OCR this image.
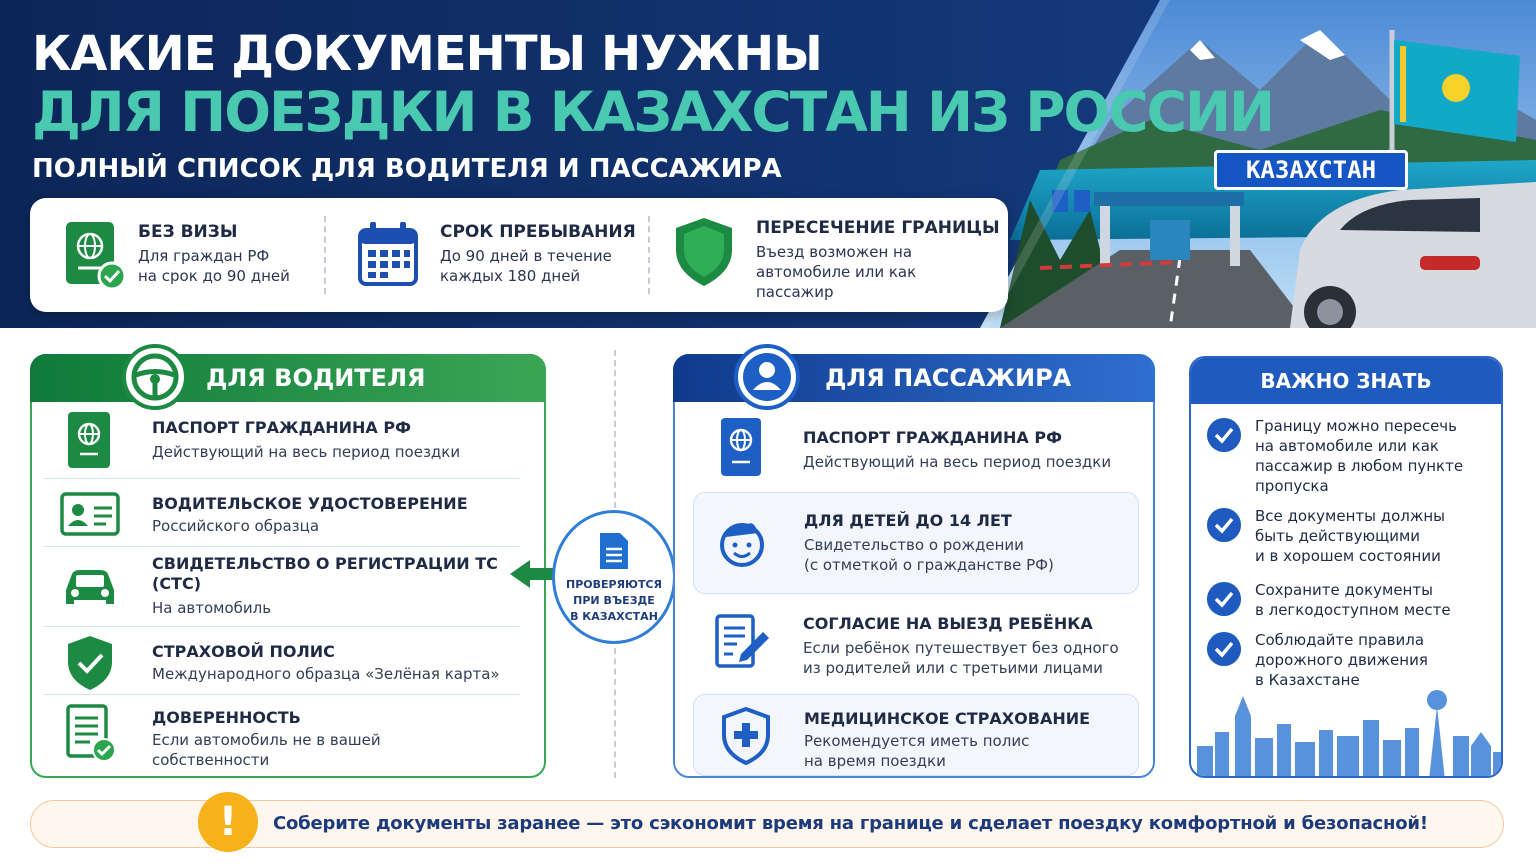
КАКИЕ ДОКУМЕНТЫ НУЖНЫ
ДЛЯ ПОЕЗДКИ В КАЗАХСТАН ИЗ РОССИИ
ПОЛНЫЙ СПИСОК ДЛЯ ВОДИТЕЛЯ И ПАССАЖИРА	КАЗАХСТАН
БЕЗ ВИЗЫ
Для граждан РФ
на срок до 90 дней
СРОК ПРЕБЫВАНИЯ
До 90 дней в течение
каждых 180 дней
ПЕРЕСЕЧЕНИЕ ГРАНИЦЫ
Въезд возможен на
автомобиле или как
пассажир
ДЛЯ ВОДИТЕЛЯ
ПАСПОРТ ГРАЖДАНИНА РФ
Действующий на весь период поездки
ВОДИТЕЛЬСКОЕ УДОСТОВЕРЕНИЕ
Российского образца
СВИДЕТЕЛЬСТВО О РЕГИСТРАЦИИ ТС
(СТС)
На автомобиль
СТРАХОВОЙ ПОЛИС
Международного образца «Зелёная карта»
ДОВЕРЕННОСТЬ
Если автомобиль не в вашей
собственности
ПРОВЕРЯЮТСЯ
ПРИ ВЪЕЗДЕ
В КАЗАХСТАН
ДЛЯ ПАССАЖИРА
ПАСПОРТ ГРАЖДАНИНА РФ
Действующий на весь период поездки
ДЛЯ ДЕТЕЙ ДО 14 ЛЕТ
Свидетельство о рождении
(с отметкой о гражданстве РФ)
СОГЛАСИЕ НА ВЫЕЗД РЕБЁНКА
Если ребёнок путешествует без одного
из родителей или с третьими лицами
МЕДИЦИНСКОЕ СТРАХОВАНИЕ
Рекомендуется иметь полис
на время поездки
ВАЖНО ЗНАТЬ
Границу можно пересечь
на автомобиле или как
пассажир в любом пункте
пропуска
Все документы должны
быть действующими
и в хорошем состоянии
Сохраните документы
в легкодоступном месте
Соблюдайте правила
дорожного движения
в Казахстане
Соберите документы заранее — это сэкономит время на границе и сделает поездку комфортной и безопасной!
!
